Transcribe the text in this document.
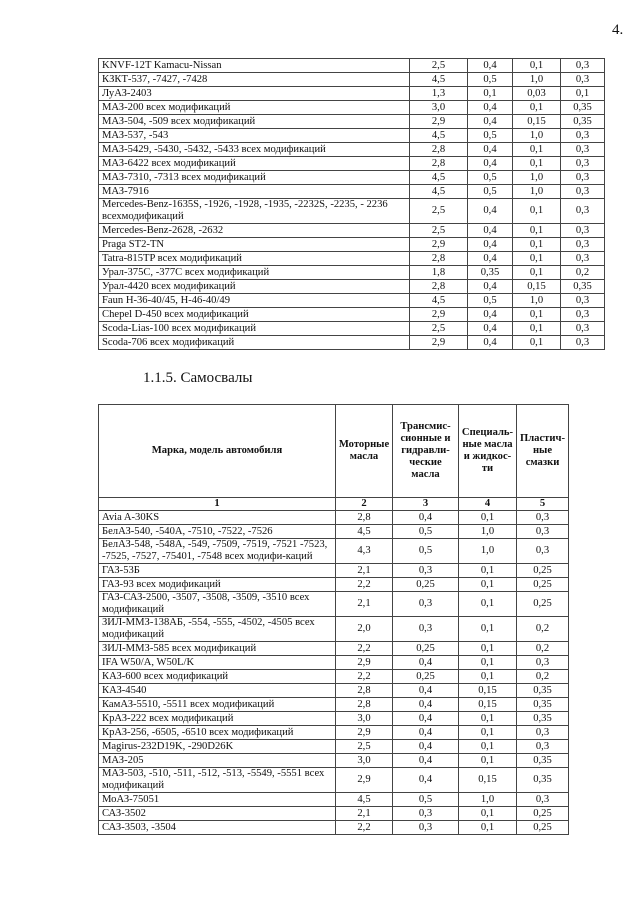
4.
KNVF-12T Kamacu-Nissan	2,5	0,4	0,1	0,3
КЗКТ-537, -7427, -7428	4,5	0,5	1,0	0,3
ЛуАЗ-2403	1,3	0,1	0,03	0,1
МАЗ-200 всех модификаций	3,0	0,4	0,1	0,35
МАЗ-504, -509 всех модификаций	2,9	0,4	0,15	0,35
МАЗ-537, -543	4,5	0,5	1,0	0,3
МАЗ-5429, -5430, -5432, -5433 всех модификаций	2,8	0,4	0,1	0,3
МАЗ-6422 всех модификаций	2,8	0,4	0,1	0,3
МАЗ-7310, -7313 всех модификаций	4,5	0,5	1,0	0,3
МАЗ-7916	4,5	0,5	1,0	0,3
Mercedes-Benz-1635S, -1926, -1928, -1935, -2232S, -2235, - 2236 всехмодификаций	2,5	0,4	0,1	0,3
Mercedes-Benz-2628, -2632	2,5	0,4	0,1	0,3
Praga ST2-TN	2,9	0,4	0,1	0,3
Tatra-815TP всех модификаций	2,8	0,4	0,1	0,3
Урал-375С, -377С всех модификаций	1,8	0,35	0,1	0,2
Урал-4420 всех модификаций	2,8	0,4	0,15	0,35
Faun H-36-40/45, H-46-40/49	4,5	0,5	1,0	0,3
Chepel D-450 всех модификаций	2,9	0,4	0,1	0,3
Scoda-Lias-100 всех модификаций	2,5	0,4	0,1	0,3
Scoda-706 всех модификаций	2,9	0,4	0,1	0,3
1.1.5. Самосвалы
Марка, модель автомобиля	Моторные масла	Трансмис-сионные и гидравли-ческие масла	Специаль-ные масла и жидкос-ти	Пластич-ные смазки
1	2	3	4	5
Avia A-30KS	2,8	0,4	0,1	0,3
БелАЗ-540, -540А, -7510, -7522, -7526	4,5	0,5	1,0	0,3
БелАЗ-548, -548А, -549, -7509, -7519, -7521 -7523, -7525, -7527, -75401, -7548 всех модифи-каций	4,3	0,5	1,0	0,3
ГАЗ-53Б	2,1	0,3	0,1	0,25
ГАЗ-93 всех модификаций	2,2	0,25	0,1	0,25
ГАЗ-САЗ-2500, -3507, -3508, -3509, -3510 всех модификаций	2,1	0,3	0,1	0,25
ЗИЛ-ММЗ-138АБ, -554, -555, -4502, -4505 всех модификаций	2,0	0,3	0,1	0,2
ЗИЛ-ММЗ-585 всех модификаций	2,2	0,25	0,1	0,2
IFA W50/A, W50L/K	2,9	0,4	0,1	0,3
КАЗ-600 всех модификаций	2,2	0,25	0,1	0,2
КАЗ-4540	2,8	0,4	0,15	0,35
КамАЗ-5510, -5511 всех модификаций	2,8	0,4	0,15	0,35
КрАЗ-222 всех модификаций	3,0	0,4	0,1	0,35
КрАЗ-256, -6505, -6510 всех модификаций	2,9	0,4	0,1	0,3
Magirus-232D19K, -290D26K	2,5	0,4	0,1	0,3
МАЗ-205	3,0	0,4	0,1	0,35
МАЗ-503, -510, -511, -512, -513, -5549, -5551 всех модификаций	2,9	0,4	0,15	0,35
МоАЗ-75051	4,5	0,5	1,0	0,3
САЗ-3502	2,1	0,3	0,1	0,25
САЗ-3503, -3504	2,2	0,3	0,1	0,25
